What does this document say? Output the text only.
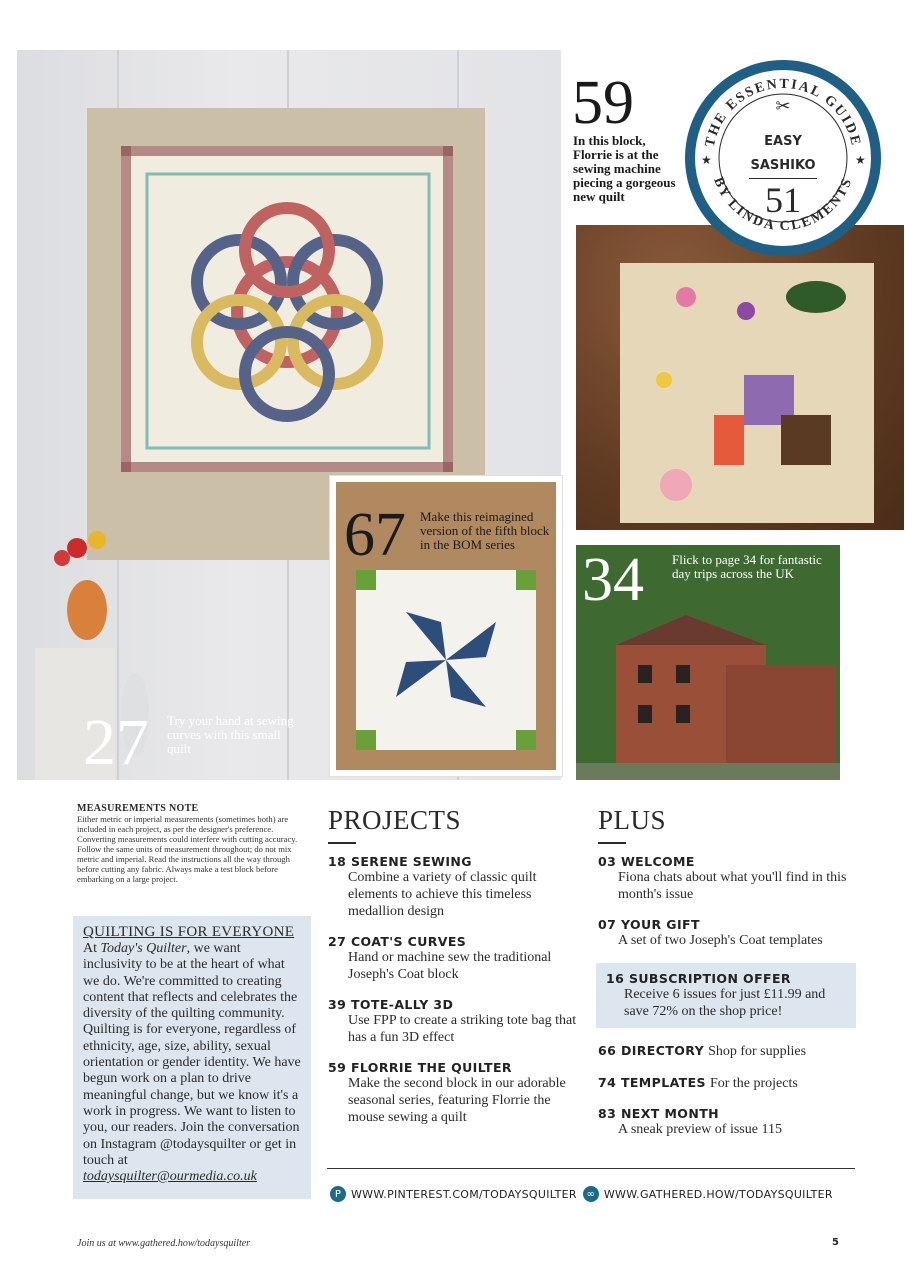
27 Try your hand at sewing curves with this small quilt
67 Make this reimagined version of the fifth block in the BOM series
59
In this block, Florrie is at the sewing machine piecing a gorgeous new quilt
THE ESSENTIAL GUIDE
BY LINDA CLEMENTS
★	★
✂
EASY
SASHIKO
51
34 Flick to page 34 for fantastic day trips across the UK
MEASUREMENTS NOTE
Either metric or imperial measurements (sometimes both) are included in each project, as per the designer's preference. Converting measurements could interfere with cutting accuracy. Follow the same units of measurement throughout; do not mix metric and imperial. Read the instructions all the way through before cutting any fabric. Always make a test block before embarking on a large project.
QUILTING IS FOR EVERYONE
At Today's Quilter, we want inclusivity to be at the heart of what we do. We're committed to creating content that reflects and celebrates the diversity of the quilting community. Quilting is for everyone, regardless of ethnicity, age, size, ability, sexual orientation or gender identity. We have begun work on a plan to drive meaningful change, but we know it's a work in progress. We want to listen to you, our readers. Join the conversation on Instagram @todaysquilter or get in touch at todaysquilter@ourmedia.co.uk
PROJECTS
18 SERENE SEWING
Combine a variety of classic quilt elements to achieve this timeless medallion design
27 COAT'S CURVES
Hand or machine sew the traditional Joseph's Coat block
39 TOTE-ALLY 3D
Use FPP to create a striking tote bag that has a fun 3D effect
59 FLORRIE THE QUILTER
Make the second block in our adorable seasonal series, featuring Florrie the mouse sewing a quilt
PLUS
03 WELCOME
Fiona chats about what you'll find in this month's issue
07 YOUR GIFT
A set of two Joseph's Coat templates
16 SUBSCRIPTION OFFER
Receive 6 issues for just £11.99 and save 72% on the shop price!
66 DIRECTORY Shop for supplies
74 TEMPLATES For the projects
83 NEXT MONTH
A sneak preview of issue 115
P WWW.PINTEREST.COM/TODAYSQUILTER ∞ WWW.GATHERED.HOW/TODAYSQUILTER
Join us at www.gathered.how/todaysquilter	5
